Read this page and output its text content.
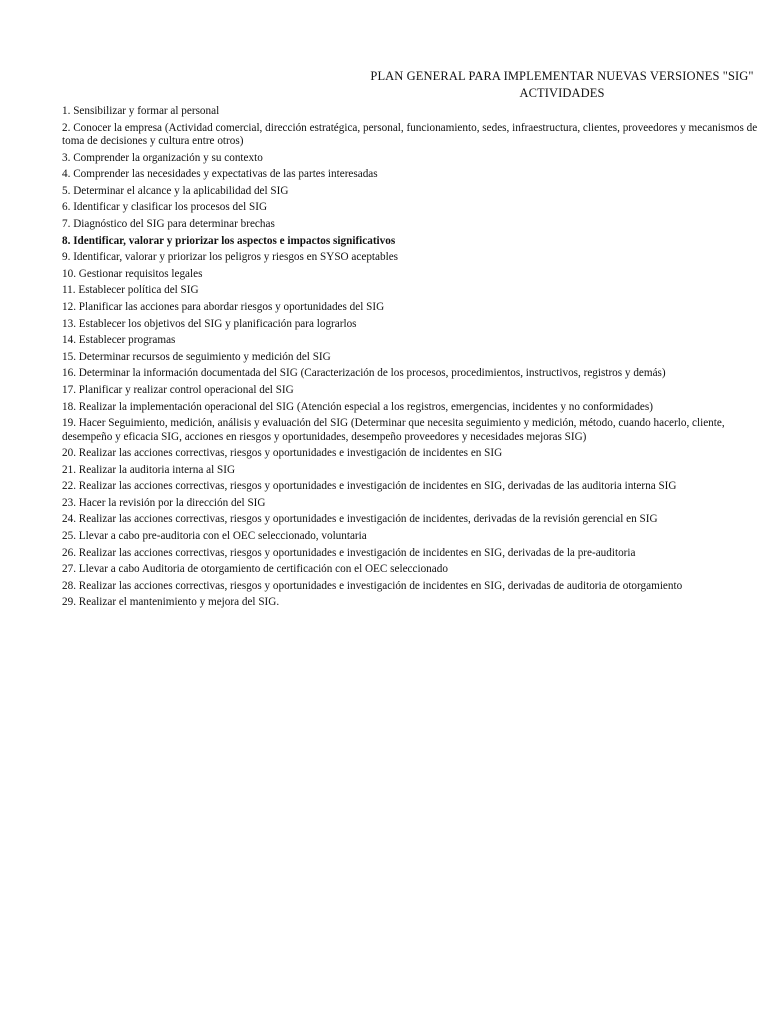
PLAN GENERAL PARA IMPLEMENTAR NUEVAS VERSIONES "SIG"
ACTIVIDADES
1. Sensibilizar y formar al personal
2. Conocer la empresa (Actividad comercial, dirección estratégica, personal, funcionamiento, sedes, infraestructura, clientes, proveedores y mecanismos de toma de decisiones y cultura entre otros)
3. Comprender la organización y su contexto
4. Comprender las necesidades y expectativas de las partes interesadas
5. Determinar el alcance y la aplicabilidad del SIG
6. Identificar y clasificar los procesos del SIG
7. Diagnóstico del SIG para determinar brechas
8. Identificar, valorar y priorizar los aspectos e impactos significativos
9. Identificar, valorar y priorizar los peligros y riesgos en SYSO aceptables
10. Gestionar requisitos legales
11. Establecer política del SIG
12. Planificar las acciones para abordar riesgos y oportunidades del SIG
13. Establecer los objetivos del SIG y planificación para lograrlos
14. Establecer programas
15. Determinar recursos de seguimiento y medición del SIG
16. Determinar la información documentada del SIG (Caracterización de los procesos, procedimientos, instructivos, registros y demás)
17. Planificar y realizar control operacional del SIG
18. Realizar la implementación operacional del SIG (Atención especial a los registros, emergencias, incidentes y no conformidades)
19. Hacer Seguimiento, medición, análisis y evaluación del SIG (Determinar que necesita seguimiento y medición, método, cuando hacerlo, cliente, desempeño y eficacia SIG, acciones en riesgos y oportunidades, desempeño proveedores y necesidades mejoras SIG)
20. Realizar las acciones correctivas, riesgos y oportunidades e investigación de incidentes en SIG
21. Realizar la auditoria interna al SIG
22. Realizar las acciones correctivas, riesgos y oportunidades e investigación de incidentes en SIG, derivadas de las auditoria interna SIG
23. Hacer la revisión por la dirección del SIG
24. Realizar las acciones correctivas, riesgos y oportunidades e investigación de incidentes, derivadas de la revisión gerencial en SIG
25. Llevar a cabo pre-auditoria con el OEC seleccionado, voluntaria
26. Realizar las acciones correctivas, riesgos y oportunidades e investigación de incidentes en SIG, derivadas de la pre-auditoria
27. Llevar a cabo Auditoria de otorgamiento de certificación con el OEC seleccionado
28. Realizar las acciones correctivas, riesgos y oportunidades e investigación de incidentes en SIG, derivadas de auditoria de otorgamiento
29. Realizar el mantenimiento y mejora del SIG.
